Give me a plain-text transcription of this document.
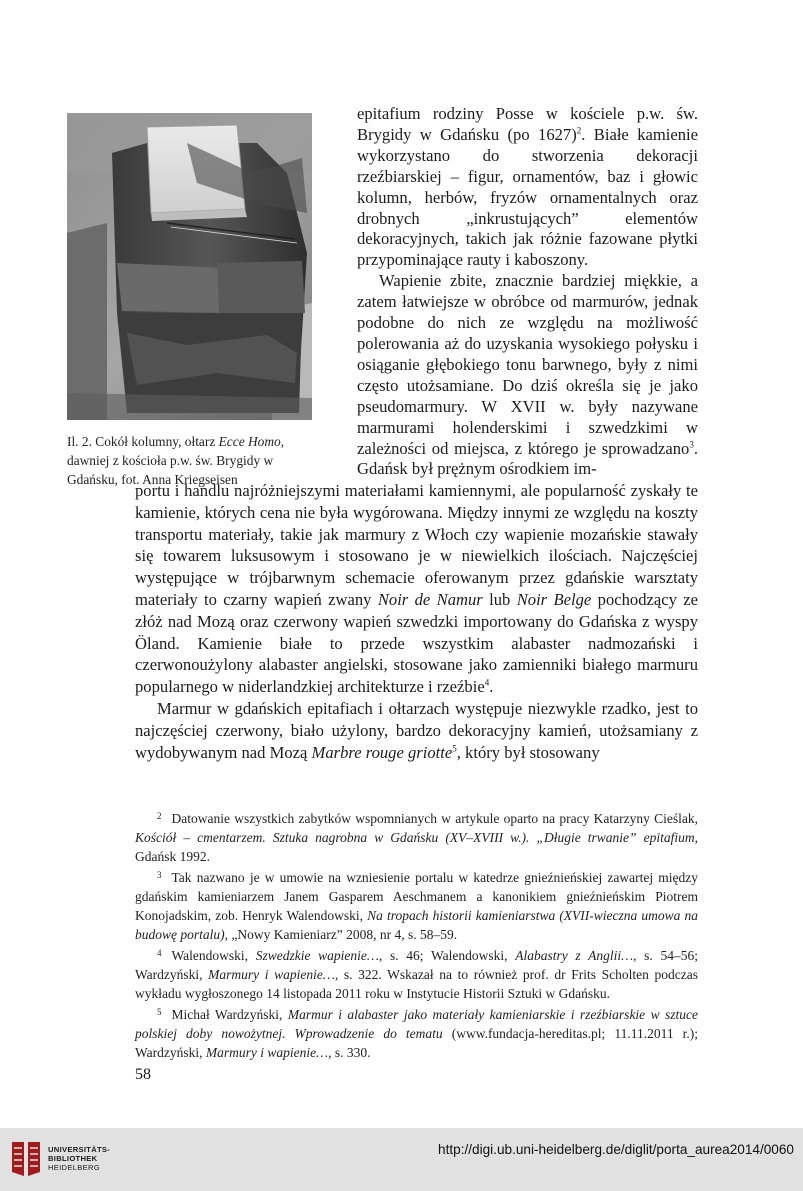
Il. 2. Cokół kolumny, ołtarz Ecce Homo, dawniej z kościoła p.w. św. Brygidy w Gdańsku, fot. Anna Kriegseisen

epitafium rodziny Posse w kościele p.w. św. Brygidy w Gdańsku (po 1627)$^2$. Białe kamienie wykorzystano do stworzenia dekoracji rzeźbiarskiej – figur, ornamentów, baz i głowic kolumn, herbów, fryzów ornamentalnych oraz drobnych „inkrustujących” elementów dekoracyjnych, takich jak różnie fazowane płytki przypominające rauty i kaboszony.

Wapienie zbite, znacznie bardziej miękkie, a zatem łatwiejsze w obróbce od marmurów, jednak podobne do nich ze względu na możliwość polerowania aż do uzyskania wysokiego połysku i osiąganie głębokiego tonu barwnego, były z nimi często utożsamiane. Do dziś określa się je jako pseudomarmury. W XVII w. były nazywane marmurami holenderskimi i szwedzkimi w zależności od miejsca, z którego je sprowadzano$^3$. Gdańsk był prężnym ośrodkiem im-

portu i handlu najróżniejszymi materiałami kamiennymi, ale popularność zyskały te kamienie, których cena nie była wygórowana. Między innymi ze względu na koszty transportu materiały, takie jak marmury z Włoch czy wapienie mozańskie stawały się towarem luksusowym i stosowano je w niewielkich ilościach. Najczęściej występujące w trójbarwnym schemacie oferowanym przez gdańskie warsztaty materiały to czarny wapień zwany Noir de Namur lub Noir Belge pochodzący ze złóż nad Mozą oraz czerwony wapień szwedzki importowany do Gdańska z wyspy Öland. Kamienie białe to przede wszystkim alabaster nadmozański i czerwonoużylony alabaster angielski, stosowane jako zamienniki białego marmuru popularnego w niderlandzkiej architekturze i rzeźbie$^4$.

Marmur w gdańskich epitafiach i ołtarzach występuje niezwykle rzadko, jest to najczęściej czerwony, biało użylony, bardzo dekoracyjny kamień, utożsamiany z wydobywanym nad Mozą Marbre rouge griotte$^5$, który był stosowany

$^2$ Datowanie wszystkich zabytków wspomnianych w artykule oparto na pracy Katarzyny Cieślak, Kościół – cmentarzem. Sztuka nagrobna w Gdańsku (XV–XVIII w.). „Długie trwanie” epitafium, Gdańsk 1992.

$^3$ Tak nazwano je w umowie na wzniesienie portalu w katedrze gnieźnieńskiej zawartej między gdańskim kamieniarzem Janem Gasparem Aeschmanem a kanonikiem gnieźnieńskim Piotrem Konojadskim, zob. Henryk Walendowski, Na tropach historii kamieniarstwa (XVII-wieczna umowa na budowę portalu), „Nowy Kamieniarz” 2008, nr 4, s. 58–59.

$^4$ Walendowski, Szwedzkie wapienie…, s. 46; Walendowski, Alabastry z Anglii…, s. 54–56; Wardzyński, Marmury i wapienie…, s. 322. Wskazał na to również prof. dr Frits Scholten podczas wykładu wygłoszonego 14 listopada 2011 roku w Instytucie Historii Sztuki w Gdańsku.

$^5$ Michał Wardzyński, Marmur i alabaster jako materiały kamieniarskie i rzeźbiarskie w sztuce polskiej doby nowożytnej. Wprowadzenie do tematu (www.fundacja-hereditas.pl; 11.11.2011 r.); Wardzyński, Marmury i wapienie…, s. 330.

58
UNIVERSITÄTS-
BIBLIOTHEK
HEIDELBERG
http://digi.ub.uni-heidelberg.de/diglit/porta_aurea2014/0060
